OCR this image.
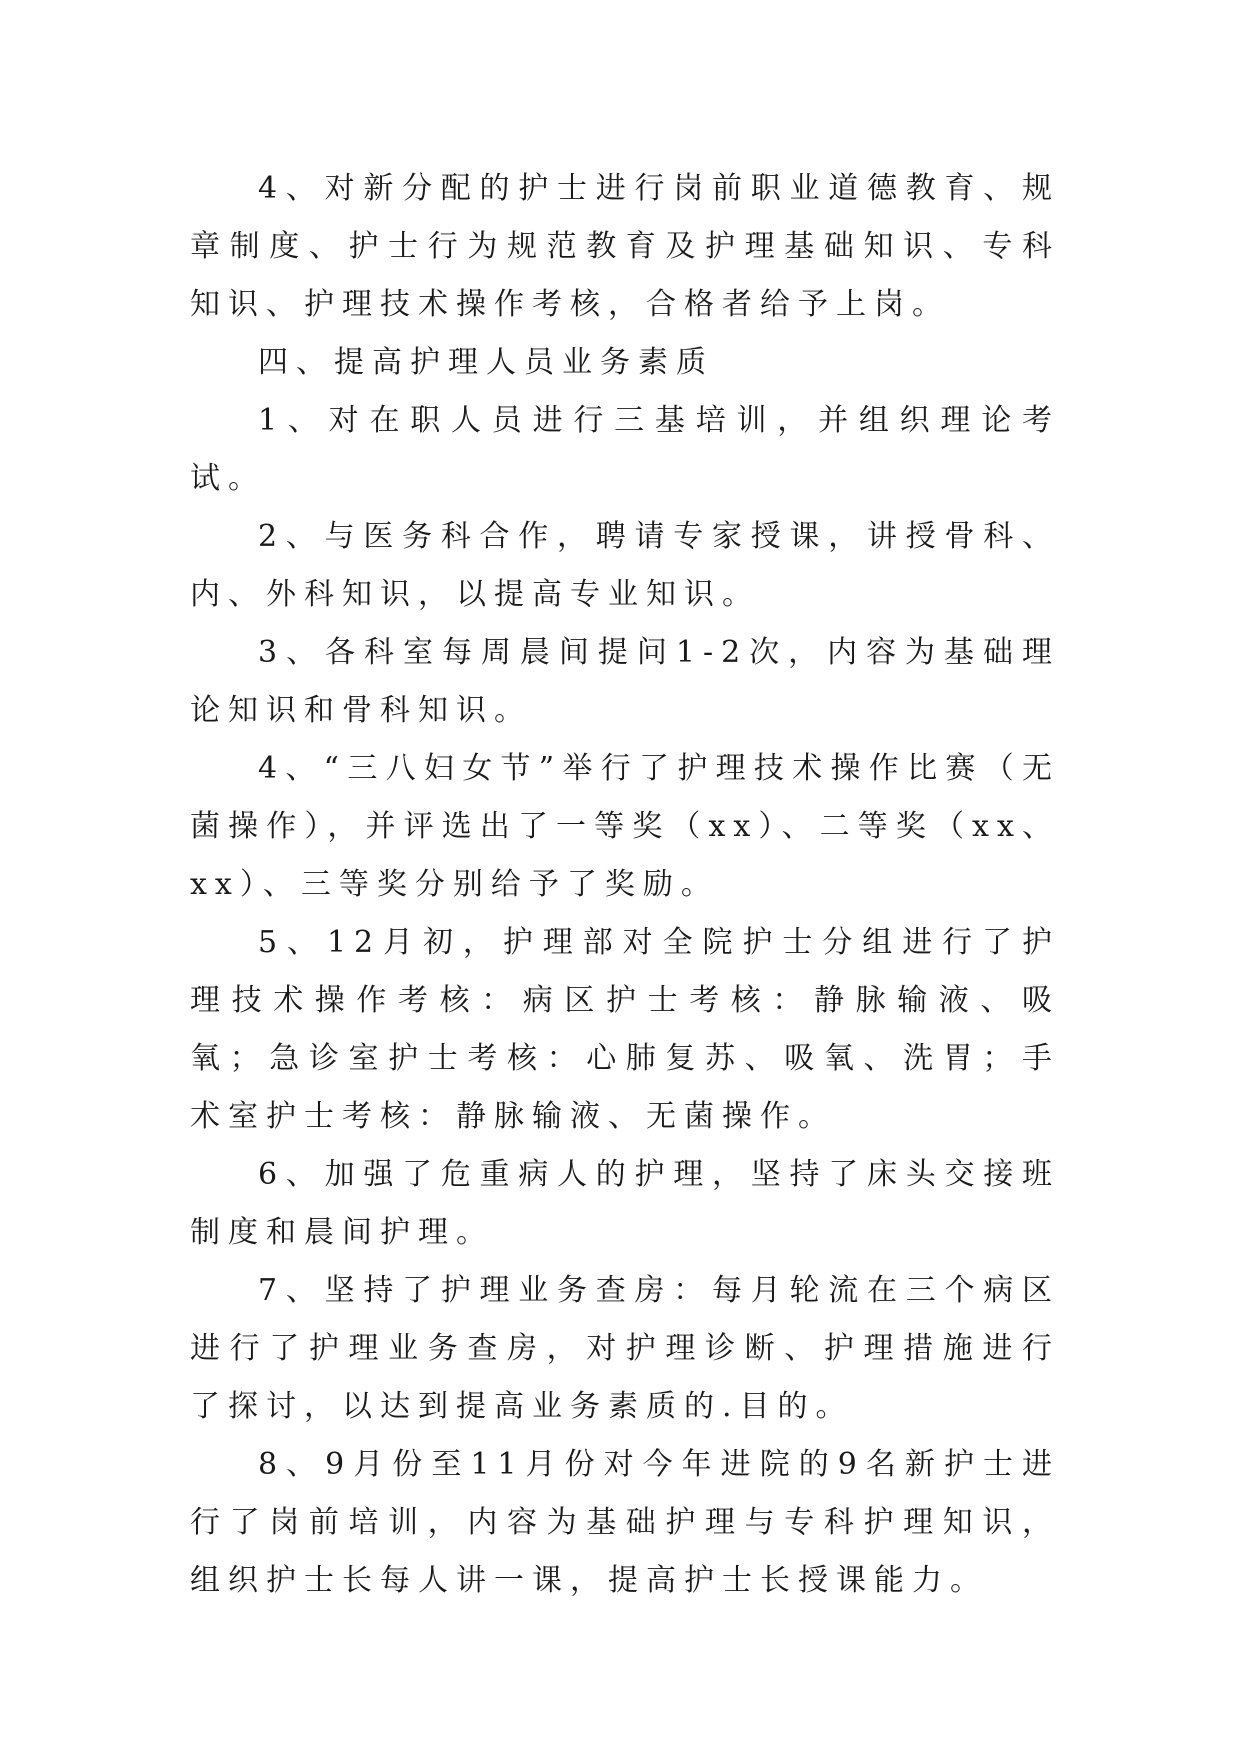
4、对新分配的护士进行岗前职业道德教育、规章制度、护士行为规范教育及护理基础知识、专科知识、护理技术操作考核，合格者给予上岗。

四、提高护理人员业务素质

1、对在职人员进行三基培训，并组织理论考试。

2、与医务科合作，聘请专家授课，讲授骨科、内、外科知识，以提高专业知识。

3、各科室每周晨间提问1-2次，内容为基础理论知识和骨科知识。

4、“三八妇女节”举行了护理技术操作比赛（无菌操作），并评选出了一等奖（xx）、二等奖（xx、xx）、三等奖分别给予了奖励。

5、12月初，护理部对全院护士分组进行了护理技术操作考核：病区护士考核：静脉输液、吸氧；急诊室护士考核：心肺复苏、吸氧、洗胃；手术室护士考核：静脉输液、无菌操作。

6、加强了危重病人的护理，坚持了床头交接班制度和晨间护理。

7、坚持了护理业务查房：每月轮流在三个病区进行了护理业务查房，对护理诊断、护理措施进行了探讨，以达到提高业务素质的.目的。

8、9月份至11月份对今年进院的9名新护士进行了岗前培训，内容为基础护理与专科护理知识，组织护士长每人讲一课，提高护士长授课能力。
